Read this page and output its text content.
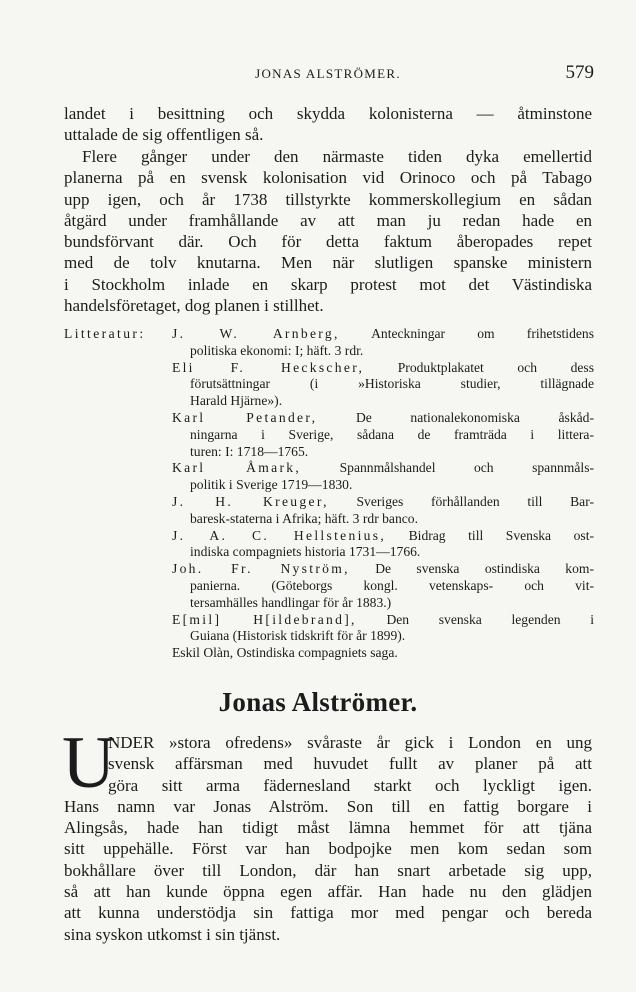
JONAS ALSTRÖMER.	579
landet i besittning och skydda kolonisterna — åtminstone
uttalade de sig offentligen så.
Flere gånger under den närmaste tiden dyka emellertid
planerna på en svensk kolonisation vid Orinoco och på Tabago
upp igen, och år 1738 tillstyrkte kommerskollegium en sådan
åtgärd under framhållande av att man ju redan hade en
bundsförvant där. Och för detta faktum åberopades repet
med de tolv knutarna. Men när slutligen spanske ministern
i Stockholm inlade en skarp protest mot det Västindiska
handelsföretaget, dog planen i stillhet.
Litteratur: J. W. Arnberg, Anteckningar om frihetstidens
politiska ekonomi: I; häft. 3 rdr.
Eli F. Heckscher, Produktplakatet och dess
förutsättningar (i »Historiska studier, tillägnade
Harald Hjärne»).
Karl Petander,	De nationalekonomiska åskåd-
ningarna i Sverige, sådana de framträda i littera-
turen: I: 1718—1765.
Karl Åmark,	Spannmålshandel och spannmåls-
politik i Sverige 1719—1830.
J. H. Kreuger, Sveriges förhållanden till Bar-
baresk-staterna i Afrika; häft. 3 rdr banco.
J. A. C. Hellstenius, Bidrag till Svenska ost-
indiska compagniets historia 1731—1766.
Joh. Fr. Nyström, De svenska ostindiska kom-
panierna. (Göteborgs kongl. vetenskaps- och vit-
tersamhälles handlingar för år 1883.)
E[mil] H[ildebrand], Den svenska legenden i
Guiana (Historisk tidskrift för år 1899).
Eskil Olàn, Ostindiska compagniets saga.
Jonas Alströmer.
U
NDER »stora ofredens» svåraste år gick i London en ung
svensk affärsman med huvudet fullt av planer på att
göra sitt arma fädernesland starkt och lyckligt igen.
Hans namn var Jonas Alström. Son till en fattig borgare i
Alingsås, hade han tidigt måst lämna hemmet för att tjäna
sitt uppehälle. Först var han bodpojke men kom sedan som
bokhållare över till London, där han snart arbetade sig upp,
så att han kunde öppna egen affär. Han hade nu den glädjen
att kunna understödja sin fattiga mor med pengar och bereda
sina syskon utkomst i sin tjänst.
